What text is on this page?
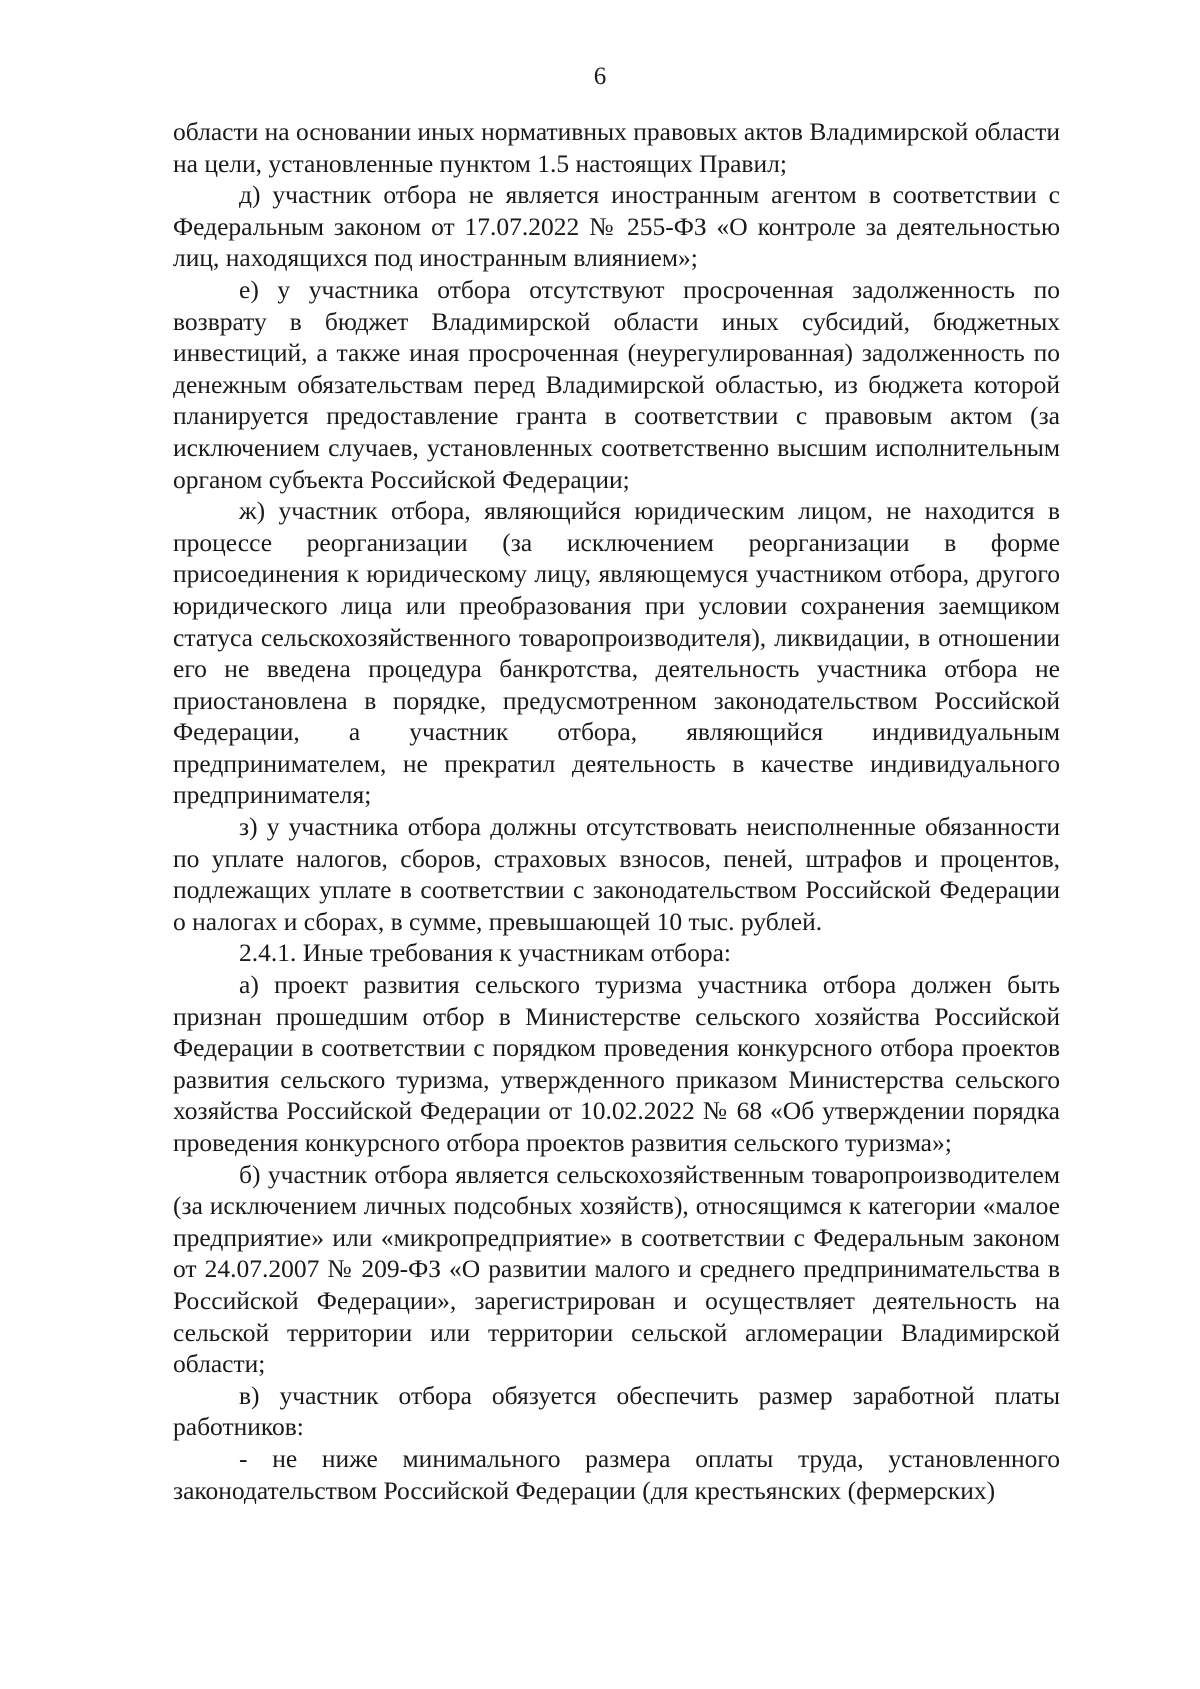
6

области на основании иных нормативных правовых актов Владимирской области на цели, установленные пунктом 1.5 настоящих Правил;

д) участник отбора не является иностранным агентом в соответствии с Федеральным законом от 17.07.2022 № 255-ФЗ «О контроле за деятельностью лиц, находящихся под иностранным влиянием»;

е) у участника отбора отсутствуют просроченная задолженность по возврату в бюджет Владимирской области иных субсидий, бюджетных инвестиций, а также иная просроченная (неурегулированная) задолженность по денежным обязательствам перед Владимирской областью, из бюджета которой планируется предоставление гранта в соответствии с правовым актом (за исключением случаев, установленных соответственно высшим исполнительным органом субъекта Российской Федерации;

ж) участник отбора, являющийся юридическим лицом, не находится в процессе реорганизации (за исключением реорганизации в форме присоединения к юридическому лицу, являющемуся участником отбора, другого юридического лица или преобразования при условии сохранения заемщиком статуса сельскохозяйственного товаропроизводителя), ликвидации, в отношении его не введена процедура банкротства, деятельность участника отбора не приостановлена в порядке, предусмотренном законодательством Российской Федерации, а участник отбора, являющийся индивидуальным предпринимателем, не прекратил деятельность в качестве индивидуального предпринимателя;

з) у участника отбора должны отсутствовать неисполненные обязанности по уплате налогов, сборов, страховых взносов, пеней, штрафов и процентов, подлежащих уплате в соответствии с законодательством Российской Федерации о налогах и сборах, в сумме, превышающей 10 тыс. рублей.

2.4.1. Иные требования к участникам отбора:

а) проект развития сельского туризма участника отбора должен быть признан прошедшим отбор в Министерстве сельского хозяйства Российской Федерации в соответствии с порядком проведения конкурсного отбора проектов развития сельского туризма, утвержденного приказом Министерства сельского хозяйства Российской Федерации от 10.02.2022 № 68 «Об утверждении порядка проведения конкурсного отбора проектов развития сельского туризма»;

б) участник отбора является сельскохозяйственным товаропроизводителем (за исключением личных подсобных хозяйств), относящимся к категории «малое предприятие» или «микропредприятие» в соответствии с Федеральным законом от 24.07.2007 № 209-ФЗ «О развитии малого и среднего предпринимательства в Российской Федерации», зарегистрирован и осуществляет деятельность на сельской территории или территории сельской агломерации Владимирской области;

в) участник отбора обязуется обеспечить размер заработной платы работников:

- не ниже минимального размера оплаты труда, установленного законодательством Российской Федерации (для крестьянских (фермерских)
